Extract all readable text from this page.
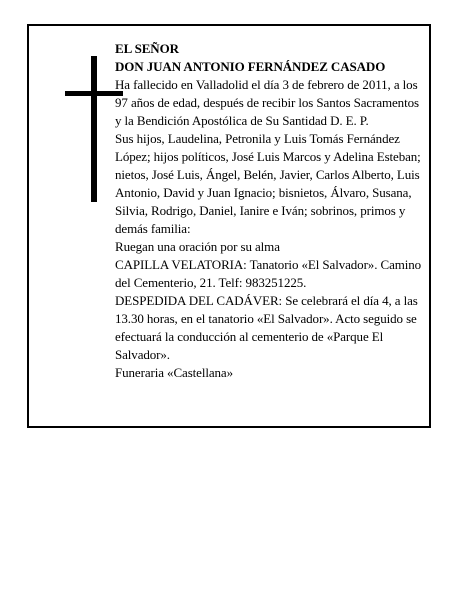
EL SEÑOR

DON JUAN ANTONIO FERNÁNDEZ CASADO

Ha fallecido en Valladolid el día 3 de febrero de 2011, a los 97 años de edad, después de recibir los Santos Sacramentos y la Bendición Apostólica de Su Santidad D. E. P.

Sus hijos, Laudelina, Petronila y Luis Tomás Fernández López; hijos políticos, José Luis Marcos y Adelina Esteban; nietos, José Luis, Ángel, Belén, Javier, Carlos Alberto, Luis Antonio, David y Juan Ignacio; bisnietos, Álvaro, Susana, Silvia, Rodrigo, Daniel, Ianire e Iván; sobrinos, primos y demás familia:

Ruegan una oración por su alma

CAPILLA VELATORIA: Tanatorio «El Salvador». Camino del Cementerio, 21. Telf: 983251225.

DESPEDIDA DEL CADÁVER: Se celebrará el día 4, a las 13.30 horas, en el tanatorio «El Salvador». Acto seguido se efectuará la conducción al cementerio de «Parque El Salvador».

Funeraria «Castellana»
